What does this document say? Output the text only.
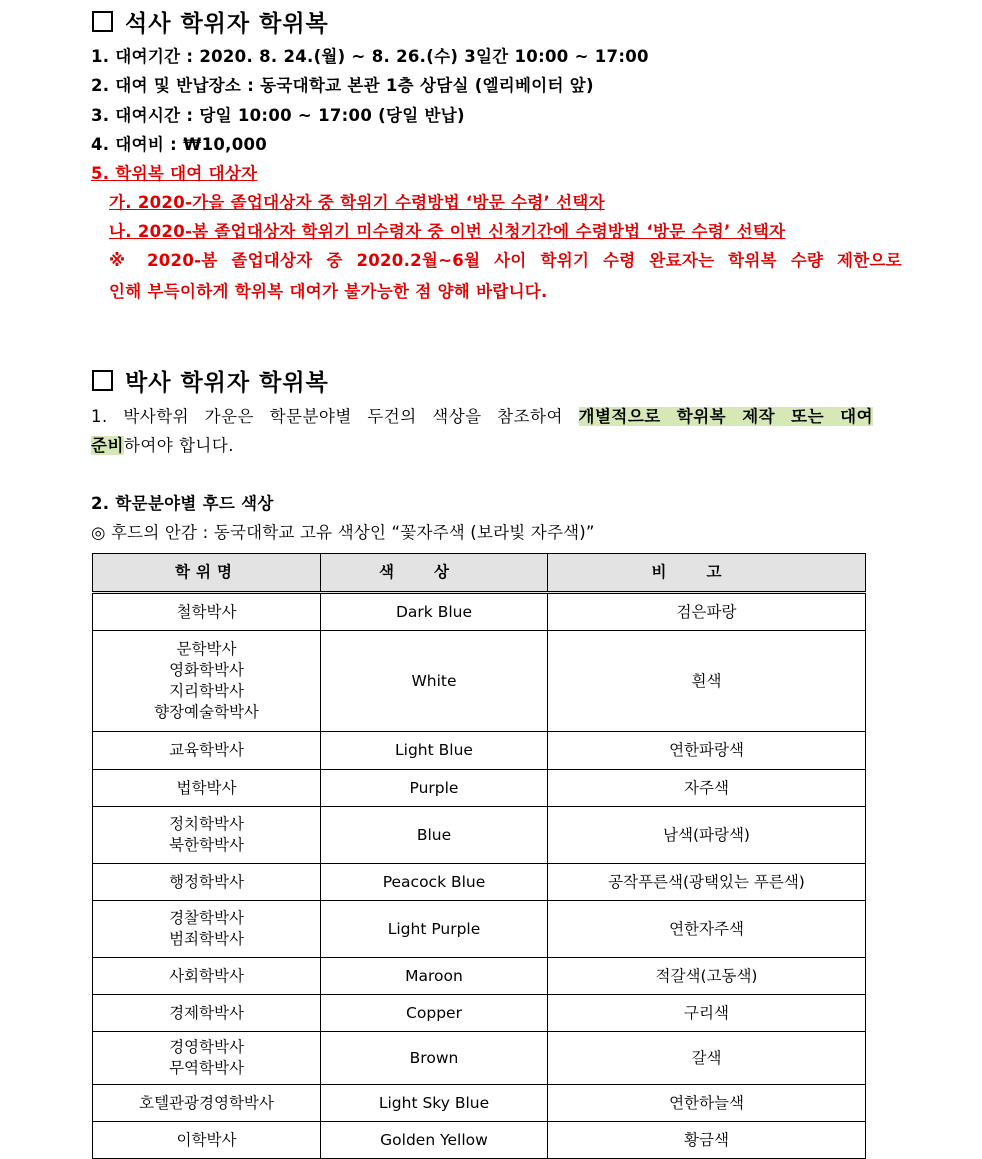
석사 학위자 학위복
1. 대여기간 : 2020. 8. 24.(월) ~ 8. 26.(수) 3일간 10:00 ~ 17:00
2. 대여 및 반납장소 : 동국대학교 본관 1층 상담실 (엘리베이터 앞)
3. 대여시간 : 당일 10:00 ~ 17:00 (당일 반납)
4. 대여비 : ₩10,000
5. 학위복 대여 대상자
가. 2020-가을 졸업대상자 중 학위기 수령방법 ‘방문 수령’ 선택자
나. 2020-봄 졸업대상자 학위기 미수령자 중 이번 신청기간에 수령방법 ‘방문 수령’ 선택자
※ 2020-봄 졸업대상자 중 2020.2월~6월 사이 학위기 수령 완료자는 학위복 수량 제한으로
인해 부득이하게 학위복 대여가 불가능한 점 양해 바랍니다.
박사 학위자 학위복
1. 박사학위 가운은 학문분야별 두건의 색상을 참조하여 개별적으로 학위복 제작 또는 대여
준비하여야 합니다.
2. 학문분야별 후드 색상
◎ 후드의 안감 : 동국대학교 고유 색상인 “꽃자주색 (보라빛 자주색)”
학위명	색상	비고
철학박사	Dark Blue	검은파랑
문학박사
영화학박사
지리학박사
향장예술학박사	White	흰색
교육학박사	Light Blue	연한파랑색
법학박사	Purple	자주색
정치학박사
북한학박사	Blue	남색(파랑색)
행정학박사	Peacock Blue	공작푸른색(광택있는 푸른색)
경찰학박사
범죄학박사	Light Purple	연한자주색
사회학박사	Maroon	적갈색(고동색)
경제학박사	Copper	구리색
경영학박사
무역학박사	Brown	갈색
호텔관광경영학박사	Light Sky Blue	연한하늘색
이학박사	Golden Yellow	황금색
